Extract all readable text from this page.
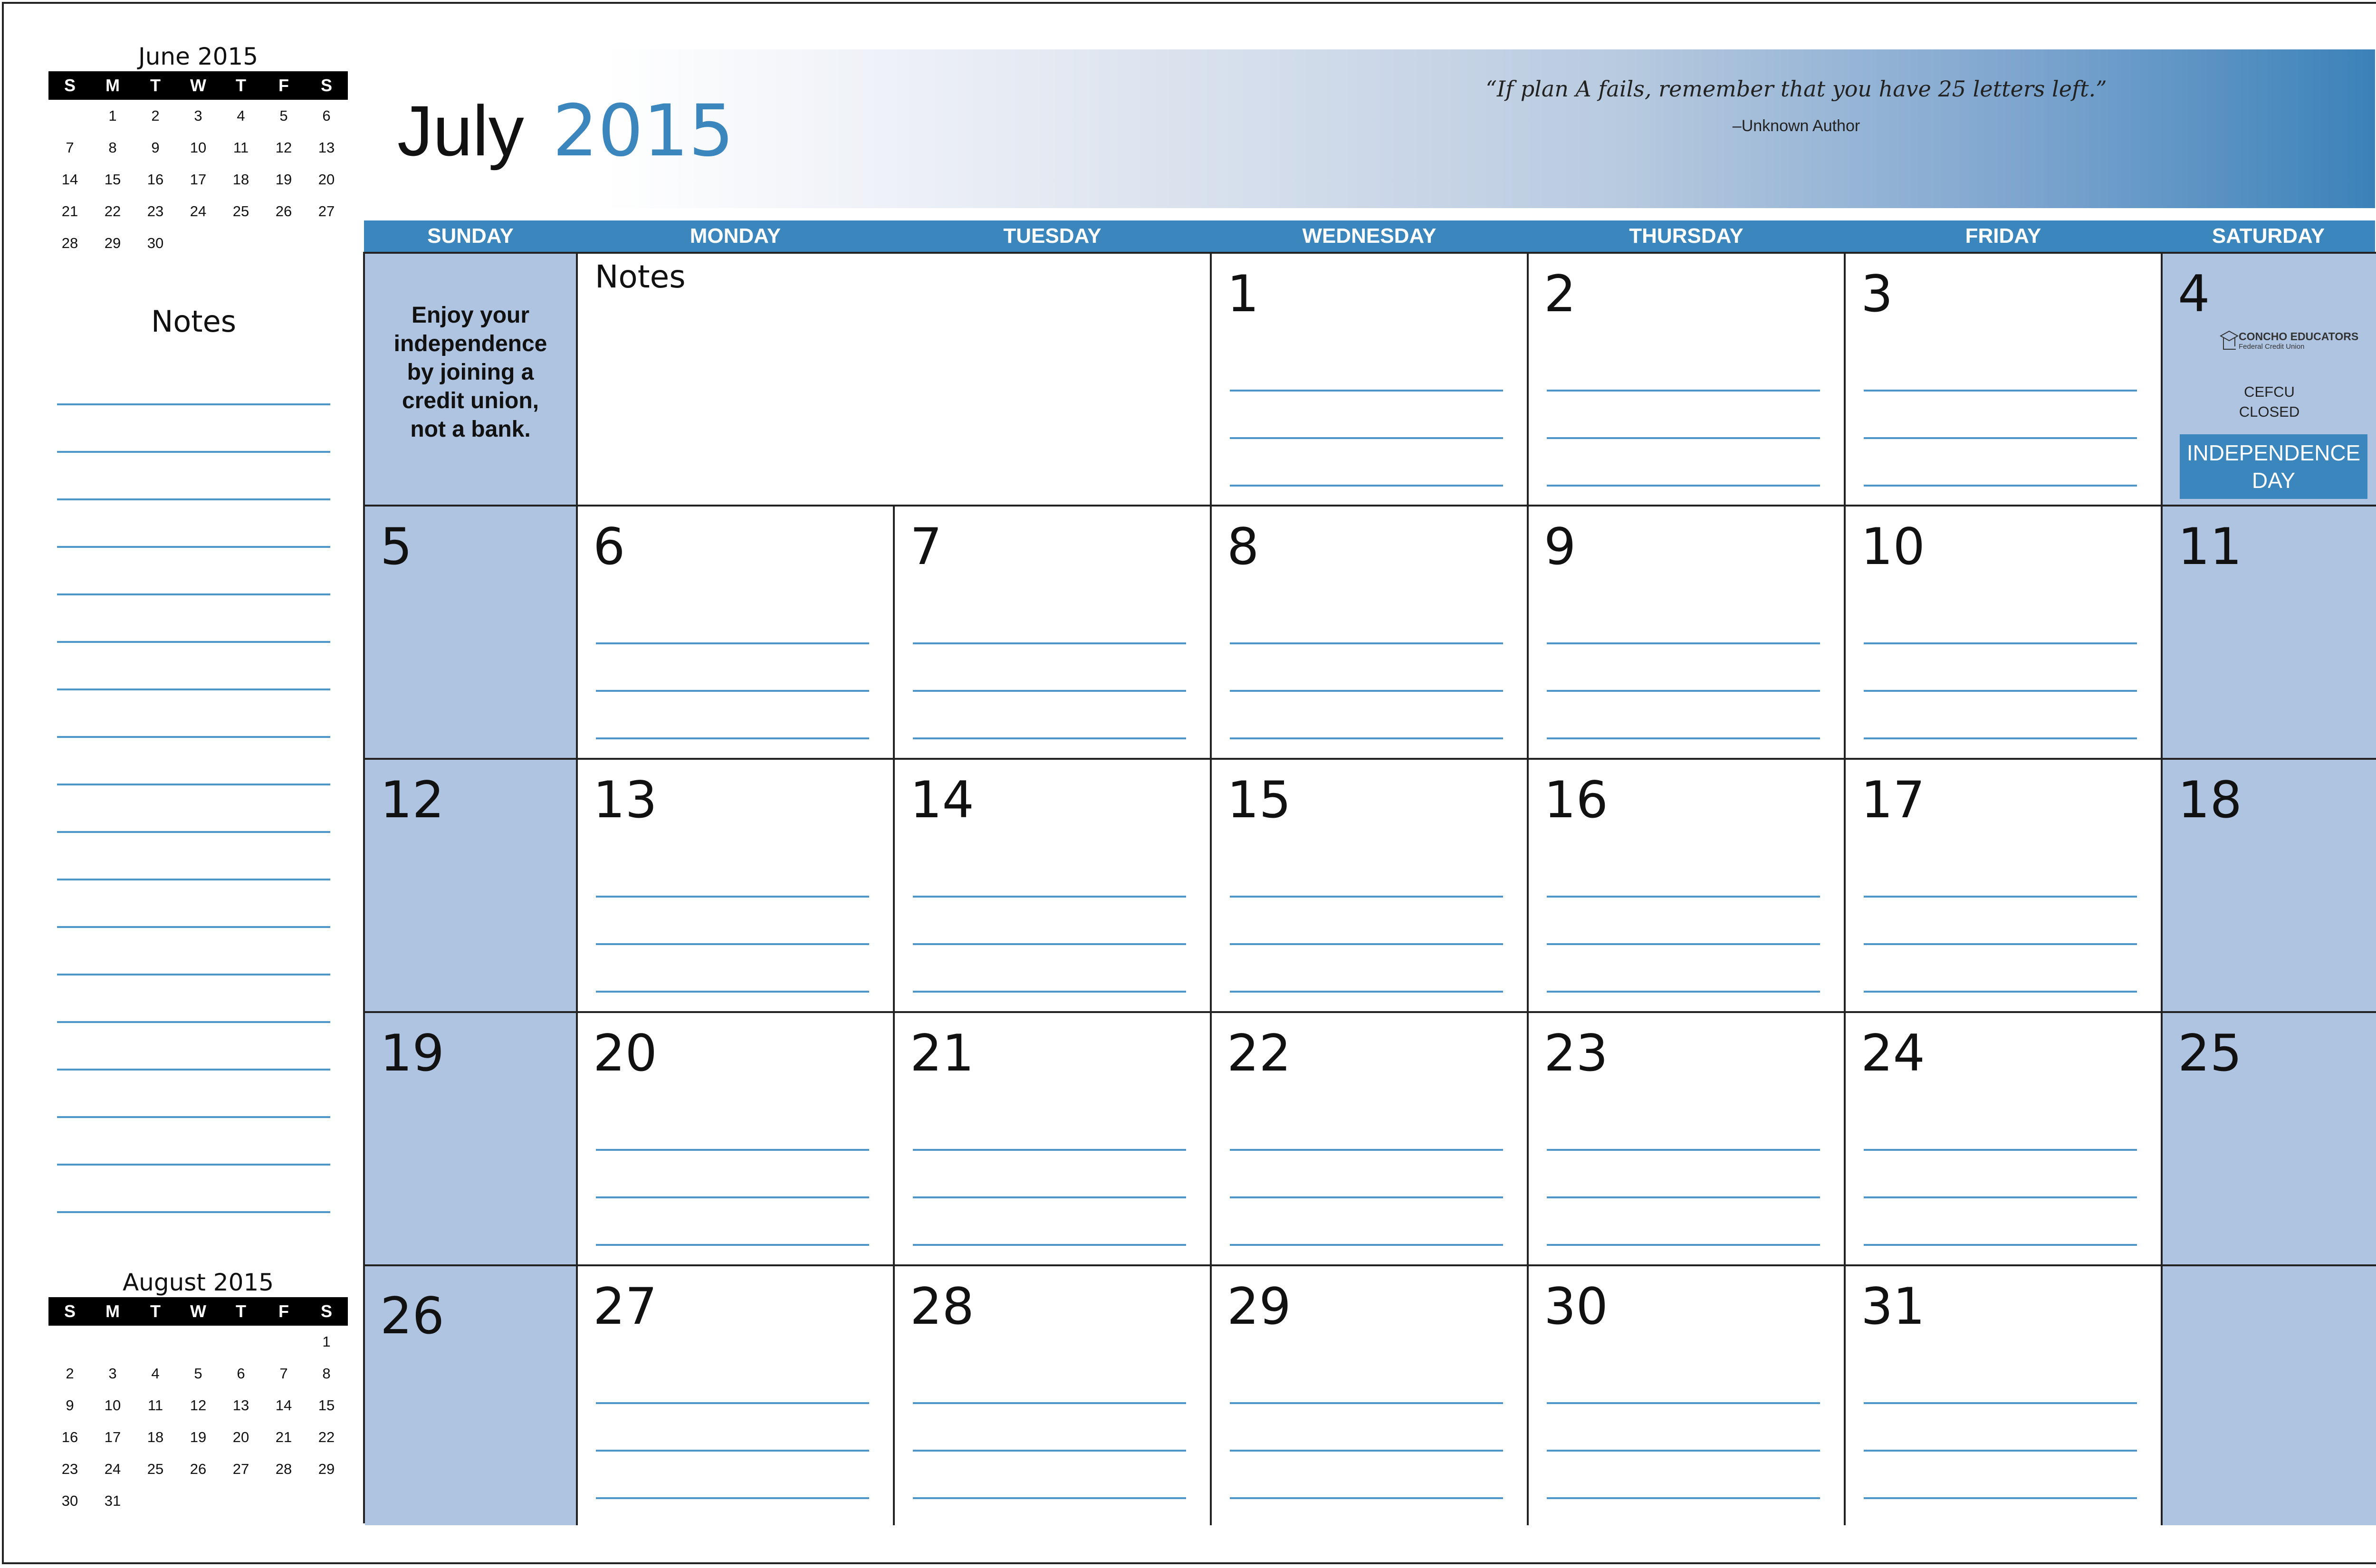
June 2015
S	M	T	W	T	F	S
	1	2	3	4	5	6
7	8	9	10	11	12	13
14	15	16	17	18	19	20
21	22	23	24	25	26	27
28	29	30				
Notes
August 2015
S	M	T	W	T	F	S
						1
2	3	4	5	6	7	8
9	10	11	12	13	14	15
16	17	18	19	20	21	22
23	24	25	26	27	28	29
30	31					
July 2015
“If plan A fails, remember that you have 25 letters left.”
–Unknown Author
SUNDAY	MONDAY	TUESDAY	WEDNESDAY	THURSDAY	FRIDAY	SATURDAY
Enjoy your independence by joining a credit union, not a bank.
Notes	1	2	3	4
CONCHO EDUCATORS
Federal Credit Union
CEFCU
CLOSED
INDEPENDENCE
DAY
5	6	7	8	9	10	11
12	13	14	15	16	17	18
19	20	21	22	23	24	25
26	27	28	29	30	31
